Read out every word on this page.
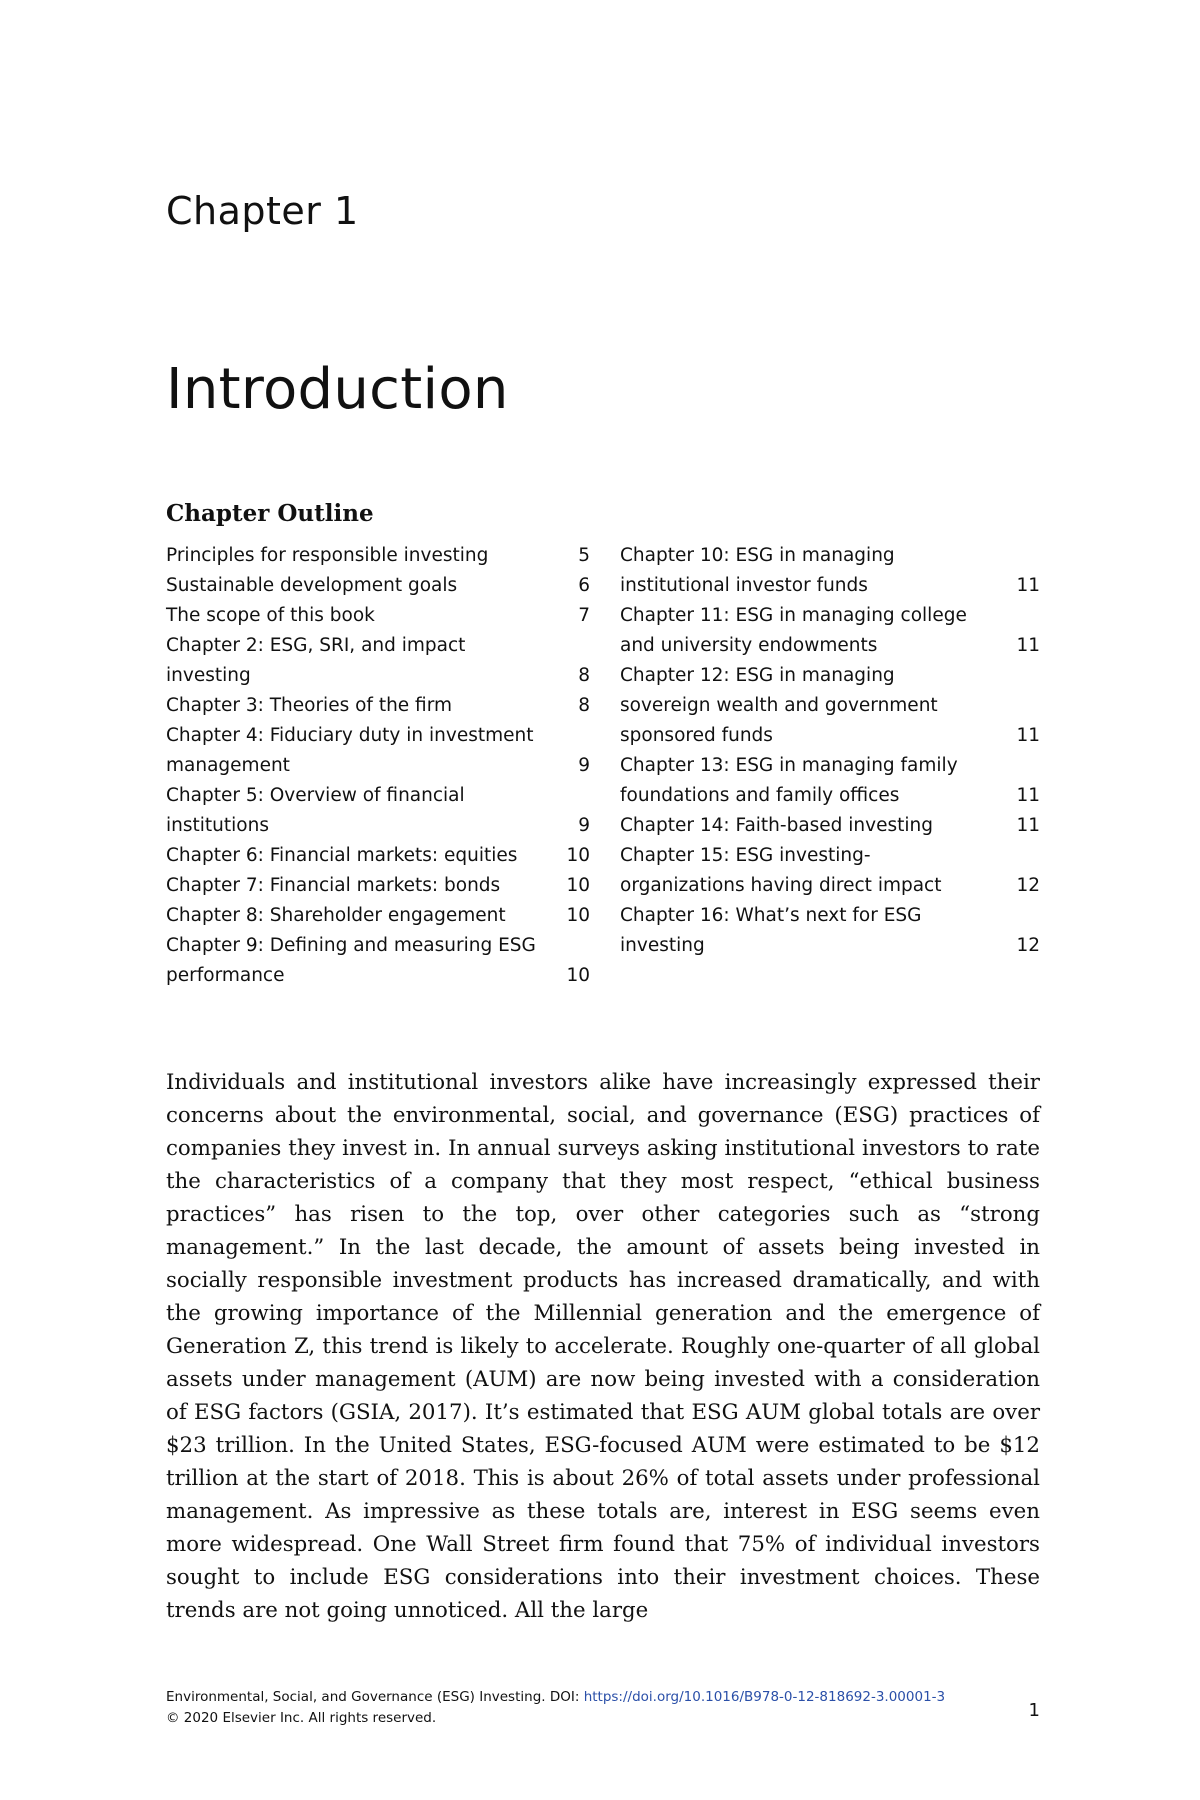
Chapter 1
Introduction
Chapter Outline
Principles for responsible investing	5
Sustainable development goals	6
The scope of this book	7
Chapter 2: ESG, SRI, and impact investing	8
Chapter 3: Theories of the firm	8
Chapter 4: Fiduciary duty in investment management	9
Chapter 5: Overview of financial institutions	9
Chapter 6: Financial markets: equities	10
Chapter 7: Financial markets: bonds	10
Chapter 8: Shareholder engagement	10
Chapter 9: Defining and measuring ESG performance	10
Chapter 10: ESG in managing institutional investor funds	11
Chapter 11: ESG in managing college and university endowments	11
Chapter 12: ESG in managing sovereign wealth and government sponsored funds	11
Chapter 13: ESG in managing family foundations and family offices	11
Chapter 14: Faith-based investing	11
Chapter 15: ESG investing-organizations having direct impact	12
Chapter 16: What’s next for ESG investing	12
Individuals and institutional investors alike have increasingly expressed their concerns about the environmental, social, and governance (ESG) practices of companies they invest in. In annual surveys asking institutional investors to rate the characteristics of a company that they most respect, “ethical business practices” has risen to the top, over other categories such as “strong management.” In the last decade, the amount of assets being invested in socially responsible investment products has increased dramatically, and with the growing importance of the Millennial generation and the emergence of Generation Z, this trend is likely to accelerate. Roughly one-quarter of all global assets under management (AUM) are now being invested with a consideration of ESG factors (GSIA, 2017). It’s estimated that ESG AUM global totals are over $23 trillion. In the United States, ESG-focused AUM were estimated to be $12 trillion at the start of 2018. This is about 26% of total assets under professional management. As impressive as these totals are, interest in ESG seems even more widespread. One Wall Street firm found that 75% of individual investors sought to include ESG considerations into their investment choices. These trends are not going unnoticed. All the large
Environmental, Social, and Governance (ESG) Investing. DOI: https://doi.org/10.1016/B978-0-12-818692-3.00001-3
© 2020 Elsevier Inc. All rights reserved.	1
